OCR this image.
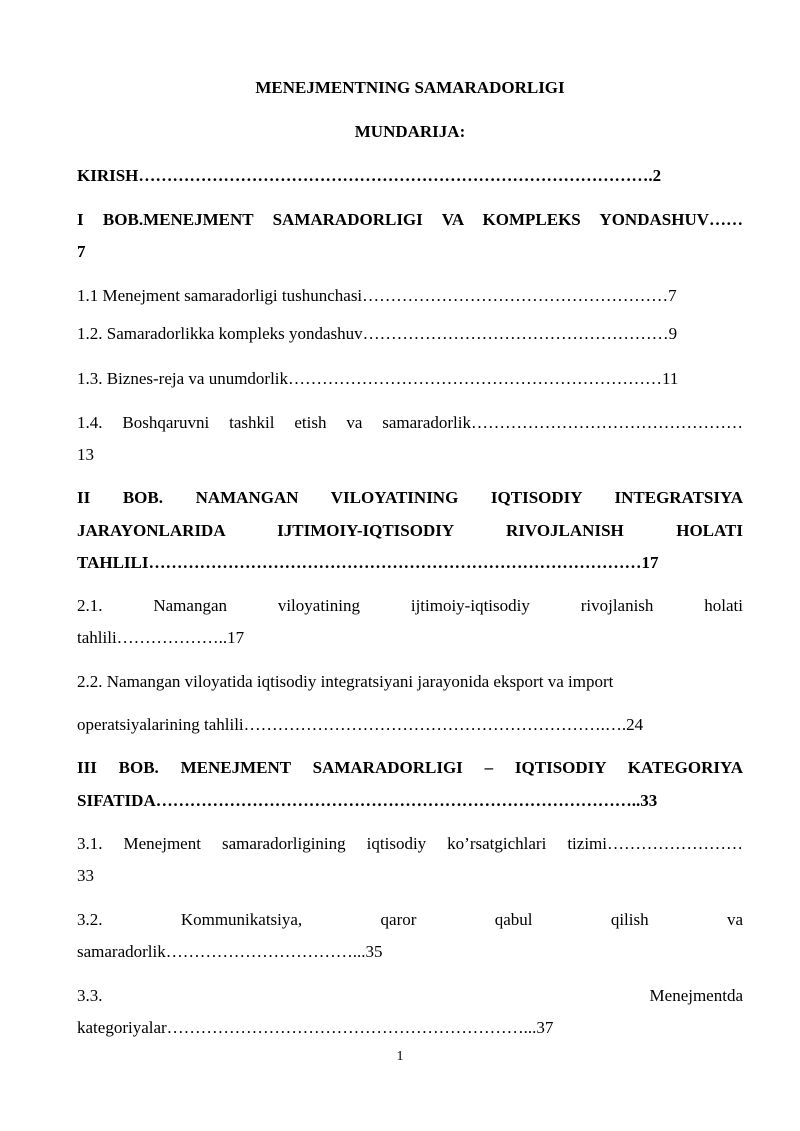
MENEJMENTNING SAMARADORLIGI

MUNDARIJA:

KIRISH……………………………………………………………………………….2

I BOB.MENEJMENT SAMARADORLIGI VA KOMPLEKS YONDASHUV……

7

1.1 Menejment samaradorligi tushunchasi………………………………………………7

1.2. Samaradorlikka kompleks yondashuv………………………………………………9

1.3. Biznes-reja va unumdorlik…………………………………………………………11

1.4. Boshqaruvni tashkil etish va samaradorlik…………………………………………

13

II BOB. NAMANGAN VILOYATINING IQTISODIY INTEGRATSIYA

JARAYONLARIDA IJTIMOIY-IQTISODIY RIVOJLANISH HOLATI

TAHLILI……………………………………………………………………………17

2.1. Namangan viloyatining ijtimoiy-iqtisodiy rivojlanish holati

tahlili………………..17

2.2. Namangan viloyatida iqtisodiy integratsiyani jarayonida eksport va import

operatsiyalarining tahlili……………………………………………………….….24

III BOB. MENEJMENT SAMARADORLIGI – IQTISODIY KATEGORIYA

SIFATIDA…………………………………………………………………………..33

3.1. Menejment samaradorligining iqtisodiy ko’rsatgichlari tizimi……………………

33

3.2. Kommunikatsiya, qaror qabul qilish va

samaradorlik……………………………...35

3.3. Menejmentda

kategoriyalar………………………………………………………...37

1
